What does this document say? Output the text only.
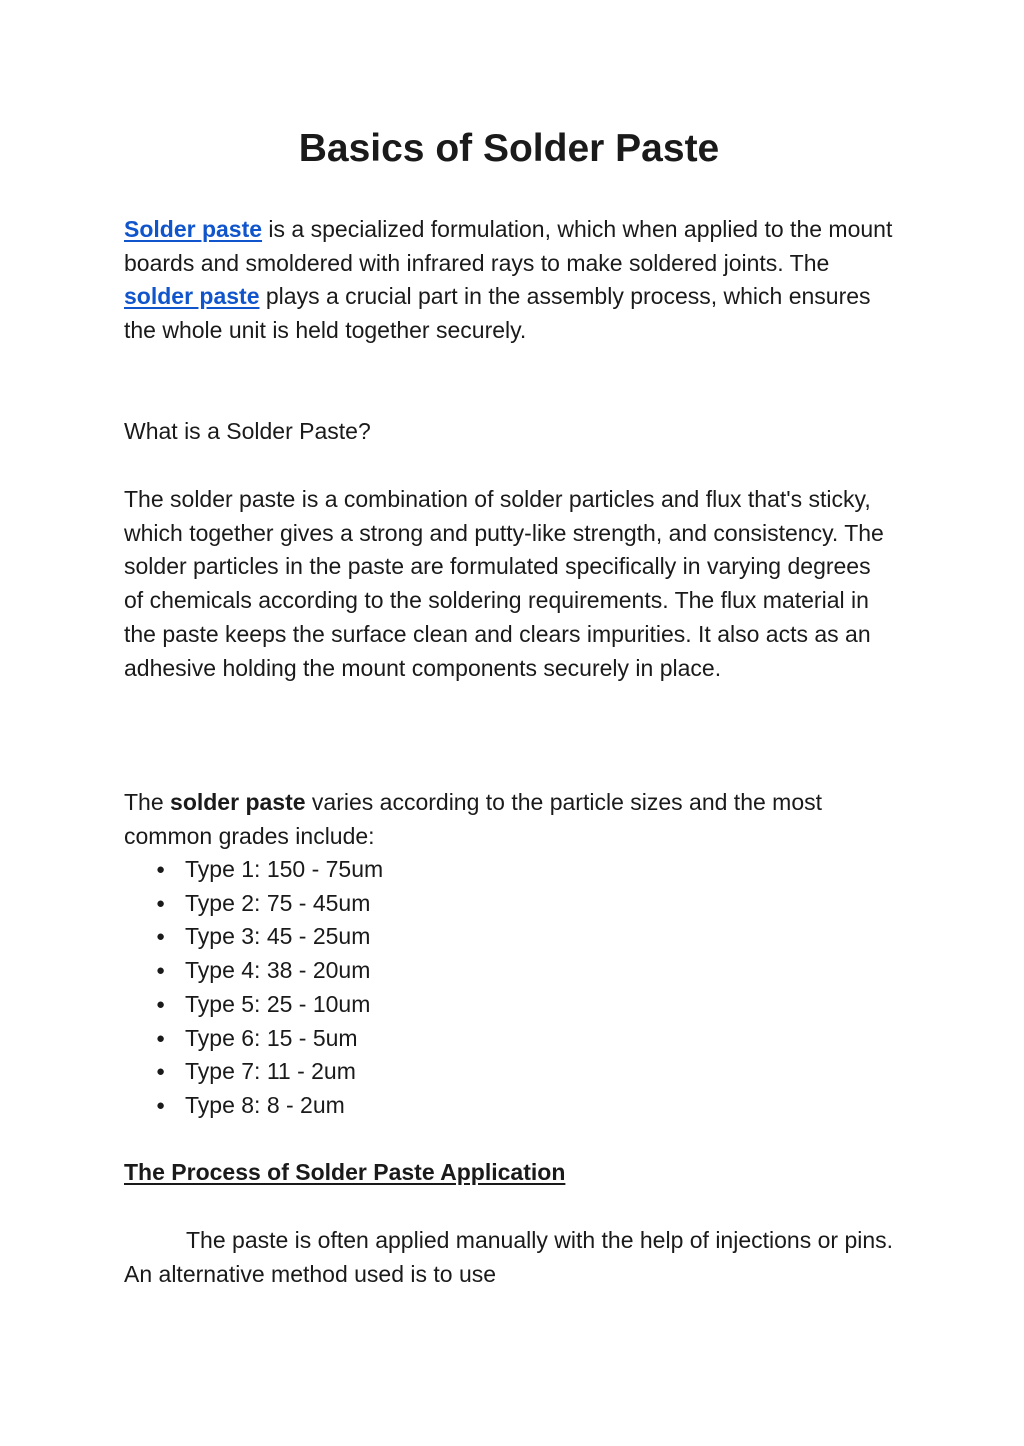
Basics of Solder Paste

Solder paste is a specialized formulation, which when applied to the mount boards and smoldered with infrared rays to make soldered joints. The solder paste plays a crucial part in the assembly process, which ensures the whole unit is held together securely.

What is a Solder Paste?

The solder paste is a combination of solder particles and flux that's sticky, which together gives a strong and putty-like strength, and consistency. The solder particles in the paste are formulated specifically in varying degrees of chemicals according to the soldering requirements. The flux material in the paste keeps the surface clean and clears impurities. It also acts as an adhesive holding the mount components securely in place.

The solder paste varies according to the particle sizes and the most common grades include:

● Type 1: 150 - 75um
● Type 2: 75 - 45um
● Type 3: 45 - 25um
● Type 4: 38 - 20um
● Type 5: 25 - 10um
● Type 6: 15 - 5um
● Type 7: 11 - 2um
● Type 8: 8 - 2um
The Process of Solder Paste Application

The paste is often applied manually with the help of injections or pins. An alternative method used is to use
